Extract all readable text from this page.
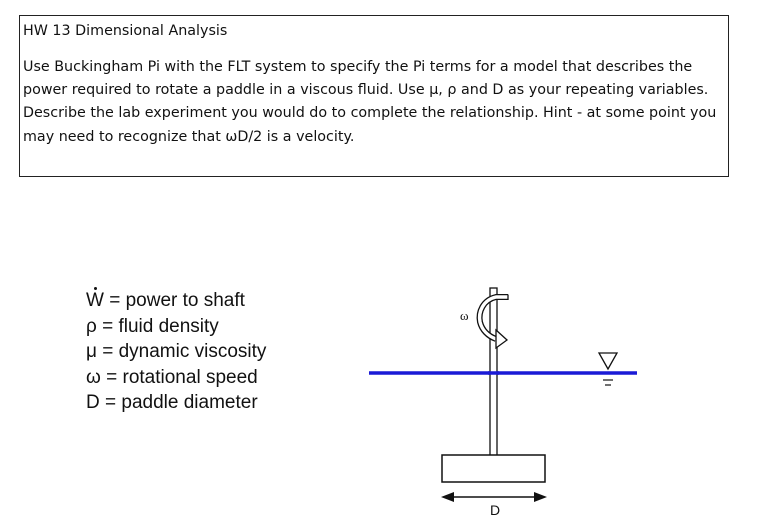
HW 13 Dimensional Analysis

Use Buckingham Pi with the FLT system to specify the Pi terms for a model that describes the power required to rotate a paddle in a viscous fluid. Use μ, ρ and D as your repeating variables. Describe the lab experiment you would do to complete the relationship. Hint - at some point you may need to recognize that ωD/2 is a velocity.

W = power to shaft
ρ = fluid density
μ = dynamic viscosity
ω = rotational speed
D = paddle diameter
ω
D
